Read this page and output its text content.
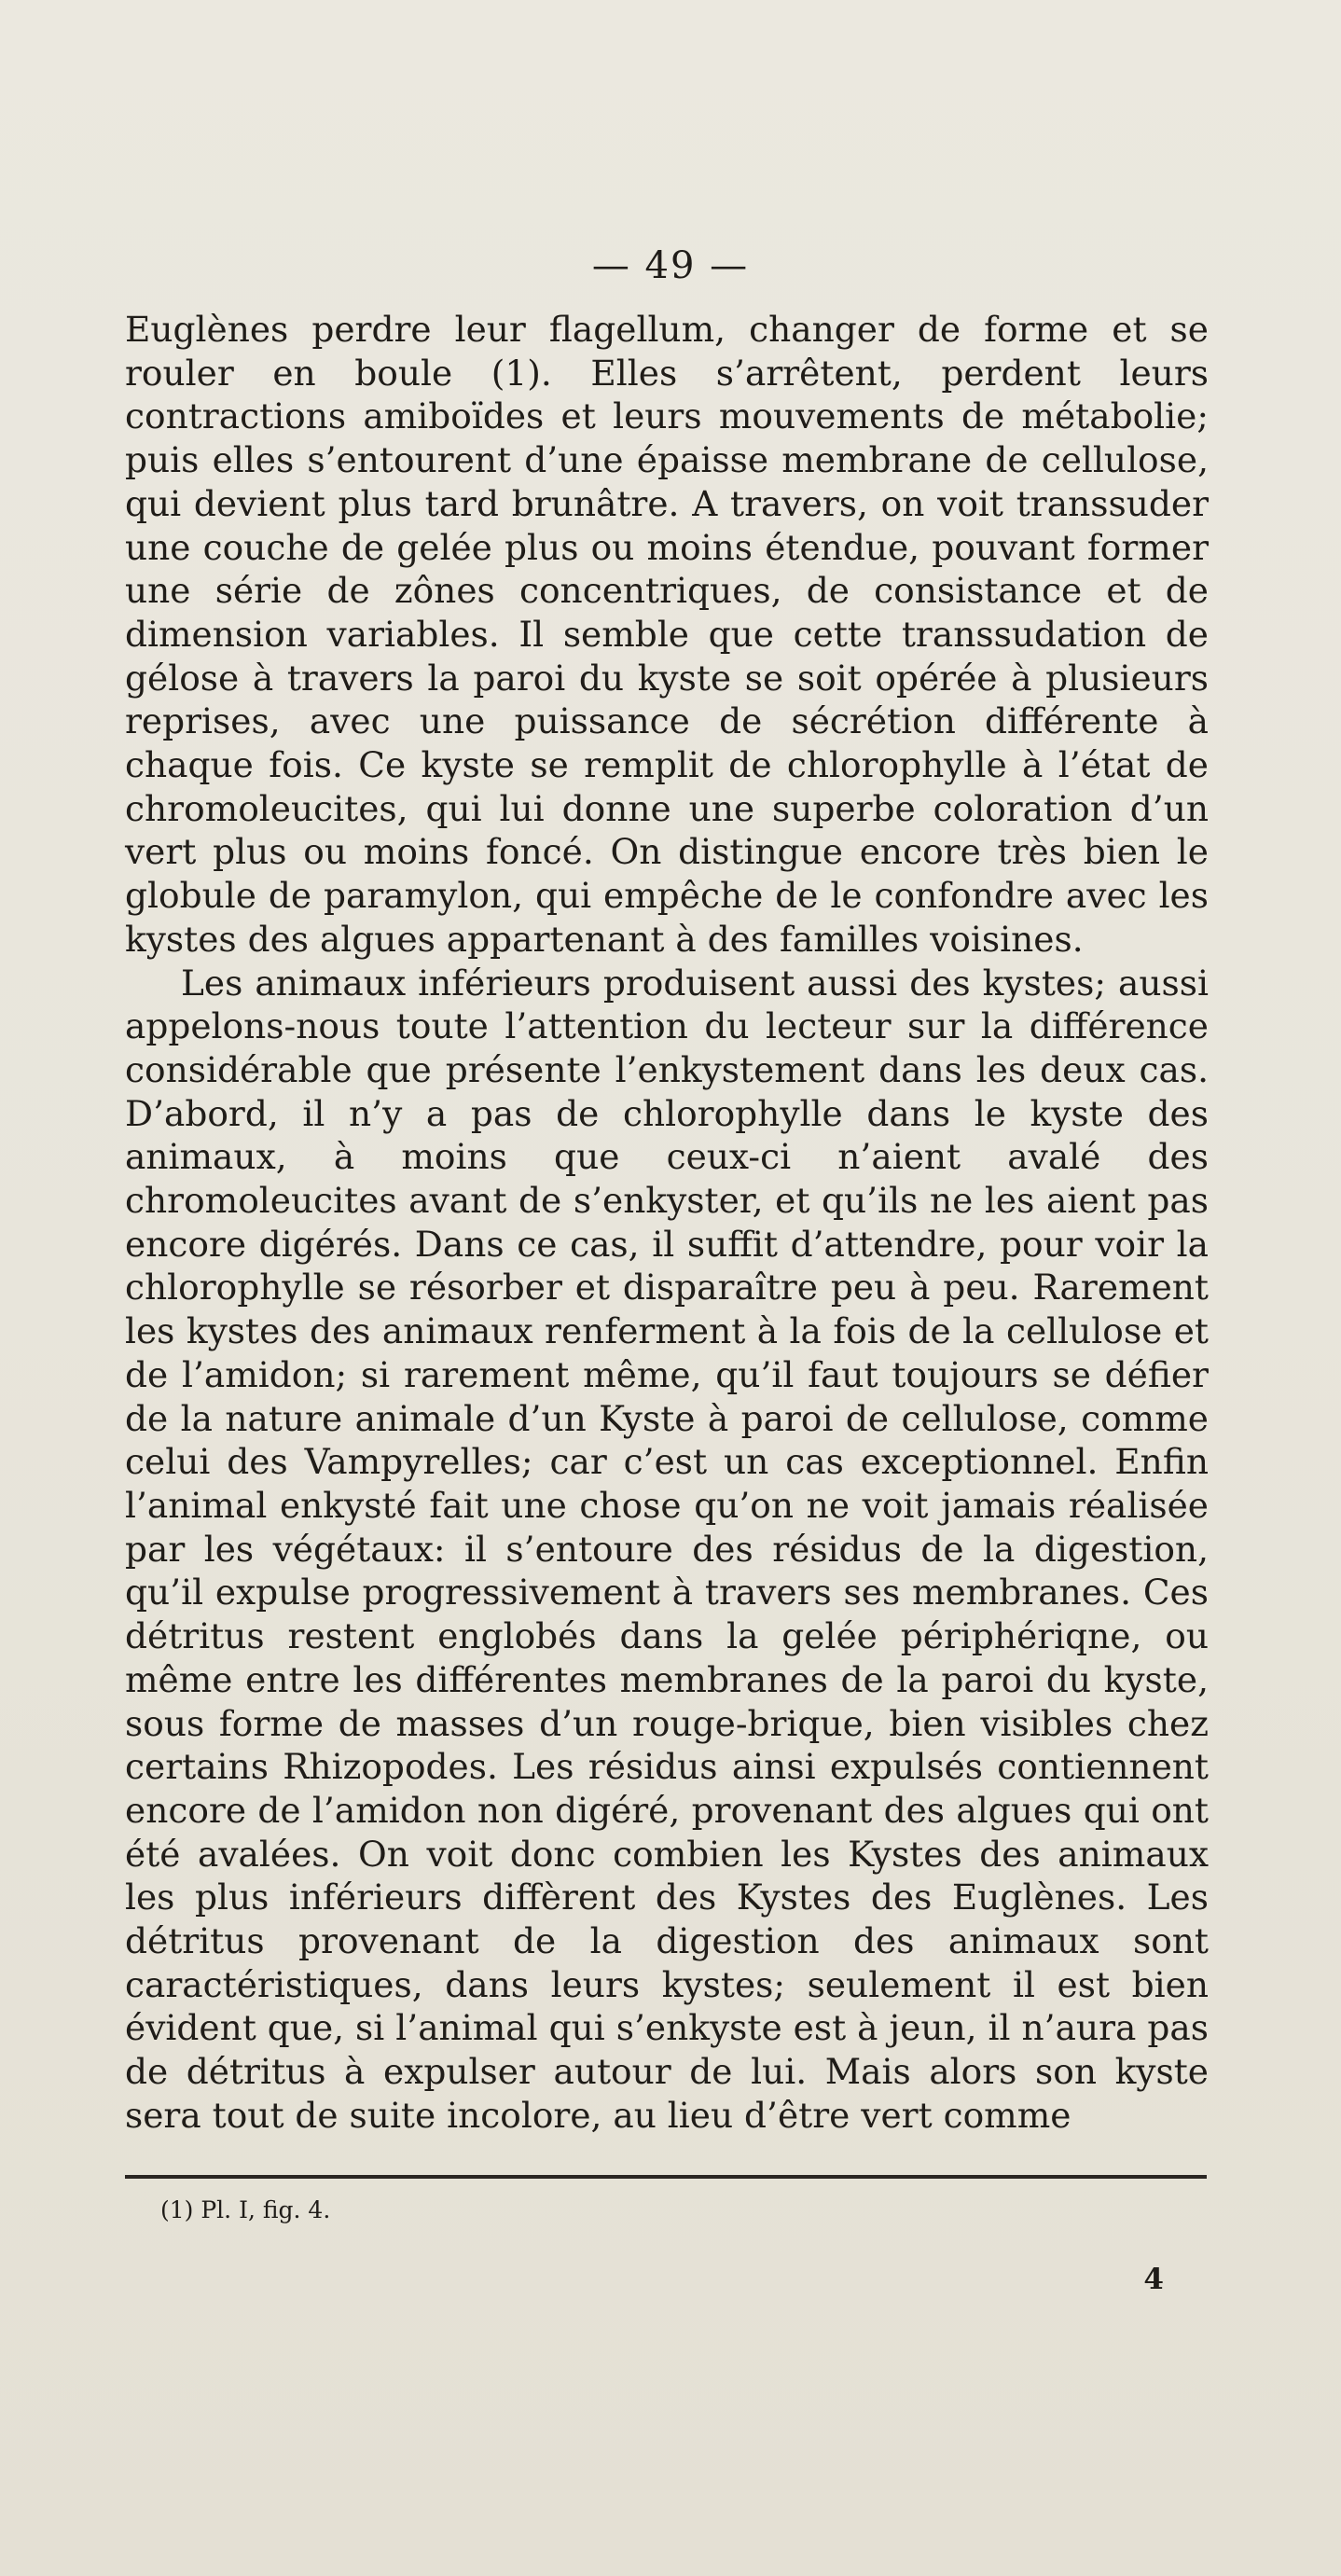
— 49 —

Euglènes perdre leur flagellum, changer de forme et se rouler en boule (1). Elles s’arrêtent, perdent leurs contractions amiboïdes et leurs mouvements de métabolie; puis elles s’entourent d’une épaisse membrane de cellulose, qui devient plus tard brunâtre. A travers, on voit transsuder une couche de gelée plus ou moins étendue, pouvant former une série de zônes concentriques, de consistance et de dimension variables. Il semble que cette transsudation de gélose à travers la paroi du kyste se soit opérée à plusieurs reprises, avec une puissance de sécrétion différente à chaque fois. Ce kyste se remplit de chlorophylle à l’état de chromoleucites, qui lui donne une superbe coloration d’un vert plus ou moins foncé. On distingue encore très bien le globule de paramylon, qui empêche de le confondre avec les kystes des algues appartenant à des familles voisines.

Les animaux inférieurs produisent aussi des kystes; aussi appelons-nous toute l’attention du lecteur sur la différence considérable que présente l’enkystement dans les deux cas. D’abord, il n’y a pas de chlorophylle dans le kyste des animaux, à moins que ceux-ci n’aient avalé des chromoleucites avant de s’enkyster, et qu’ils ne les aient pas encore digérés. Dans ce cas, il suffit d’attendre, pour voir la chlorophylle se résorber et disparaître peu à peu. Rarement les kystes des animaux renferment à la fois de la cellulose et de l’amidon; si rarement même, qu’il faut toujours se défier de la nature animale d’un Kyste à paroi de cellulose, comme celui des Vampyrelles; car c’est un cas exceptionnel. Enfin l’animal enkysté fait une chose qu’on ne voit jamais réalisée par les végétaux: il s’entoure des résidus de la digestion, qu’il expulse progressivement à travers ses membranes. Ces détritus restent englobés dans la gelée périphériqne, ou même entre les différentes membranes de la paroi du kyste, sous forme de masses d’un rouge-brique, bien visibles chez certains Rhizopodes. Les résidus ainsi expulsés contiennent encore de l’amidon non digéré, provenant des algues qui ont été avalées. On voit donc combien les Kystes des animaux les plus inférieurs diffèrent des Kystes des Euglènes. Les détritus provenant de la digestion des animaux sont caractéristiques, dans leurs kystes; seulement il est bien évident que, si l’animal qui s’enkyste est à jeun, il n’aura pas de détritus à expulser autour de lui. Mais alors son kyste sera tout de suite incolore, au lieu d’être vert comme

(1) Pl. I, fig. 4.
4
